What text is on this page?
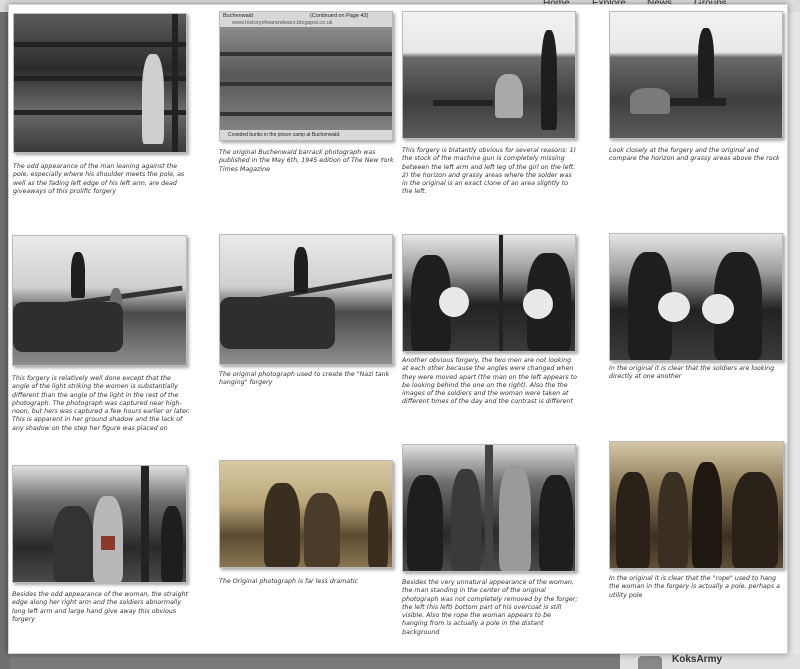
KoksArmy
The odd appearance of the man leaning against the pole, especially where his shoulder meets the pole, as well as the fading left edge of his left arm, are dead giveaways of this prolific forgery
Buchenwald	(Continued on Page 42)
www.historyofwarandwars.blogspot.co.uk
Crowded bunks in the prison camp at Buchenwald.
The original Buchenwald barrack photograph was published in the May 6th, 1945 edition of The New York Times Magazine
This forgery is blatantly obvious for several reasons: 1) the stock of the machine gun is completely missing between the left arm and left leg of the girl on the left. 2) the horizon and grassy areas where the solder was in the original is an exact clone of an area slightly to the left.
Look closely at the forgery and the original and compare the horizon and grassy areas above the rock
This forgery is relatively well done except that the angle of the light striking the women is substantially different than the angle of the light in the rest of the photograph. The photograph was captured near high-noon, but hers was captured a few hours earlier or later. This is apparent in her ground shadow and the lack of any shadow on the step her figure was placed on
The original photograph used to create the "Nazi tank hanging" forgery
Another obvious forgery, the two men are not looking at each other because the angles were changed when they were moved apart (the man on the left appears to be looking behind the one on the right). Also the the images of the soldiers and the woman were taken at different times of the day and the contrast is different
In the original it is clear that the soldiers are looking directly at one another
Besides the odd appearance of the woman, the straight edge along her right arm and the soldiers abnormally long left arm and large hand give away this obvious forgery
The Original photograph is far less dramatic	Besides the very unnatural appearance of the woman, the man standing in the center of the original photograph was not completely removed by the forger; the left (his left) bottom part of his overcoat is still visible. Also the rope the woman appears to be hanging from is actually a pole in the distant background
In the original it is clear that the "rope" used to hang the woman in the forgery is actually a pole, perhaps a utility pole
